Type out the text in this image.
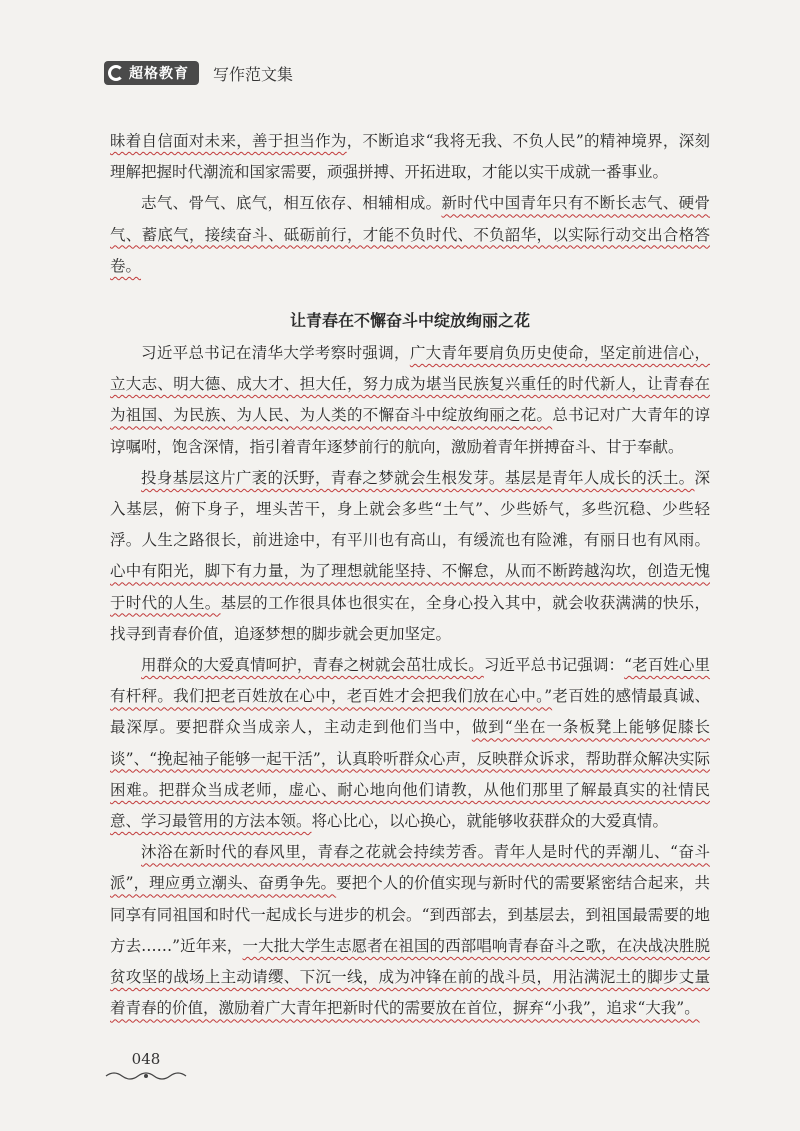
超格教育 写作范文集

昧着自信面对未来，善于担当作为，不断追求“我将无我、不负人民”的精神境界，深刻理解把握时代潮流和国家需要，顽强拼搏、开拓进取，才能以实干成就一番事业。

志气、骨气、底气，相互依存、相辅相成。新时代中国青年只有不断长志气、硬骨气、蓄底气，接续奋斗、砥砺前行，才能不负时代、不负韶华，以实际行动交出合格答卷。

让青春在不懈奋斗中绽放绚丽之花

习近平总书记在清华大学考察时强调，广大青年要肩负历史使命，坚定前进信心，立大志、明大德、成大才、担大任，努力成为堪当民族复兴重任的时代新人，让青春在为祖国、为民族、为人民、为人类的不懈奋斗中绽放绚丽之花。总书记对广大青年的谆谆嘱咐，饱含深情，指引着青年逐梦前行的航向，激励着青年拼搏奋斗、甘于奉献。

投身基层这片广袤的沃野，青春之梦就会生根发芽。基层是青年人成长的沃土。深入基层，俯下身子，埋头苦干，身上就会多些“土气”、少些娇气，多些沉稳、少些轻浮。人生之路很长，前进途中，有平川也有高山，有缓流也有险滩，有丽日也有风雨。心中有阳光，脚下有力量，为了理想就能坚持、不懈怠，从而不断跨越沟坎，创造无愧于时代的人生。基层的工作很具体也很实在，全身心投入其中，就会收获满满的快乐，找寻到青春价值，追逐梦想的脚步就会更加坚定。

用群众的大爱真情呵护，青春之树就会茁壮成长。习近平总书记强调：“老百姓心里有杆秤。我们把老百姓放在心中，老百姓才会把我们放在心中。”老百姓的感情最真诚、最深厚。要把群众当成亲人，主动走到他们当中，做到“坐在一条板凳上能够促膝长谈”、“挽起袖子能够一起干活”，认真聆听群众心声，反映群众诉求，帮助群众解决实际困难。把群众当成老师，虚心、耐心地向他们请教，从他们那里了解最真实的社情民意、学习最管用的方法本领。将心比心，以心换心，就能够收获群众的大爱真情。

沐浴在新时代的春风里，青春之花就会持续芳香。青年人是时代的弄潮儿、“奋斗派”，理应勇立潮头、奋勇争先。要把个人的价值实现与新时代的需要紧密结合起来，共同享有同祖国和时代一起成长与进步的机会。“到西部去，到基层去，到祖国最需要的地方去……”近年来，一大批大学生志愿者在祖国的西部唱响青春奋斗之歌，在决战决胜脱贫攻坚的战场上主动请缨、下沉一线，成为冲锋在前的战斗员，用沾满泥土的脚步丈量着青春的价值，激励着广大青年把新时代的需要放在首位，摒弃“小我”，追求“大我”。

048
